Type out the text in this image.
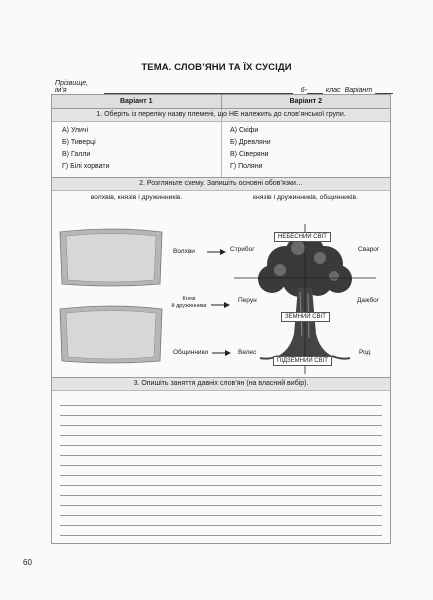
ТЕМА. СЛОВ’ЯНИ ТА ЇХ СУСІДИ
Прізвище, ім’я	6-	клас Варіант
Варіант 1	Варіант 2
1. Оберіть із переліку назву племені, що НЕ належить до слов’янської групи.
А) Уличі
Б) Тиверці
В) Галли
Г) Білі хорвати
А) Скіфи
Б) Древляни
В) Сіверяни
Г) Поляни
2. Розгляньте схему. Запишіть основні обов’язки…
волхвів, князів і дружинників.	князів і дружинників, общинників.
Волхви
Князі
й дружинники
Общинники
НЕБЕСНИЙ СВІТ
ЗЕМНИЙ СВІТ
ПІДЗЕМНИЙ СВІТ
Стрибог	Сварог
Перун	Дажбог
Велес	Род
3. Опишіть заняття давніх слов’ян (на власний вибір).
60
